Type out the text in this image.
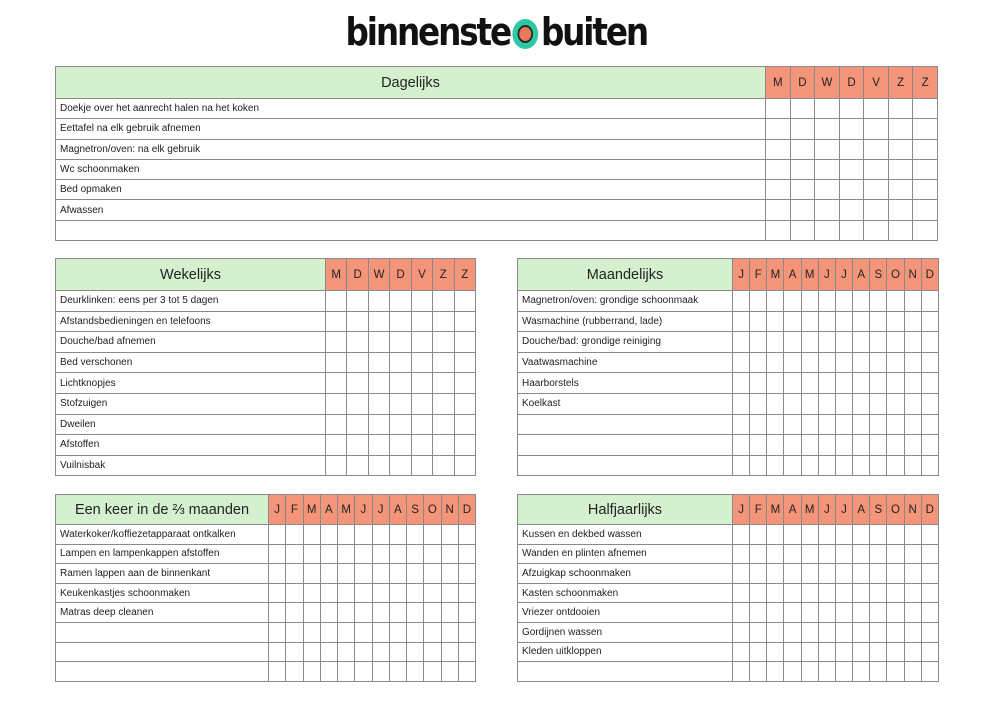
binnenste buiten
Dagelijks	M	D	W	D	V	Z	Z
Doekje over het aanrecht halen na het koken							
Eettafel na elk gebruik afnemen							
Magnetron/oven: na elk gebruik							
Wc schoonmaken							
Bed opmaken							
Afwassen							

Wekelijks	M	D	W	D	V	Z	Z
Deurklinken: eens per 3 tot 5 dagen							
Afstandsbedieningen en telefoons							
Douche/bad afnemen							
Bed verschonen							
Lichtknopjes							
Stofzuigen							
Dweilen							
Afstoffen							
Vuilnisbak							
Maandelijks	J	F	M	A	M	J	J	A	S	O	N	D
Magnetron/oven: grondige schoonmaak												
Wasmachine (rubberrand, lade)												
Douche/bad: grondige reiniging												
Vaatwasmachine												
Haarborstels												
Koelkast												

Een keer in de ⅔ maanden	J	F	M	A	M	J	J	A	S	O	N	D
Waterkoker/koffiezetapparaat ontkalken												
Lampen en lampenkappen afstoffen												
Ramen lappen aan de binnenkant												
Keukenkastjes schoonmaken												
Matras deep cleanen												

Halfjaarlijks	J	F	M	A	M	J	J	A	S	O	N	D
Kussen en dekbed wassen												
Wanden en plinten afnemen												
Afzuigkap schoonmaken												
Kasten schoonmaken												
Vriezer ontdooien												
Gordijnen wassen												
Kleden uitkloppen												
